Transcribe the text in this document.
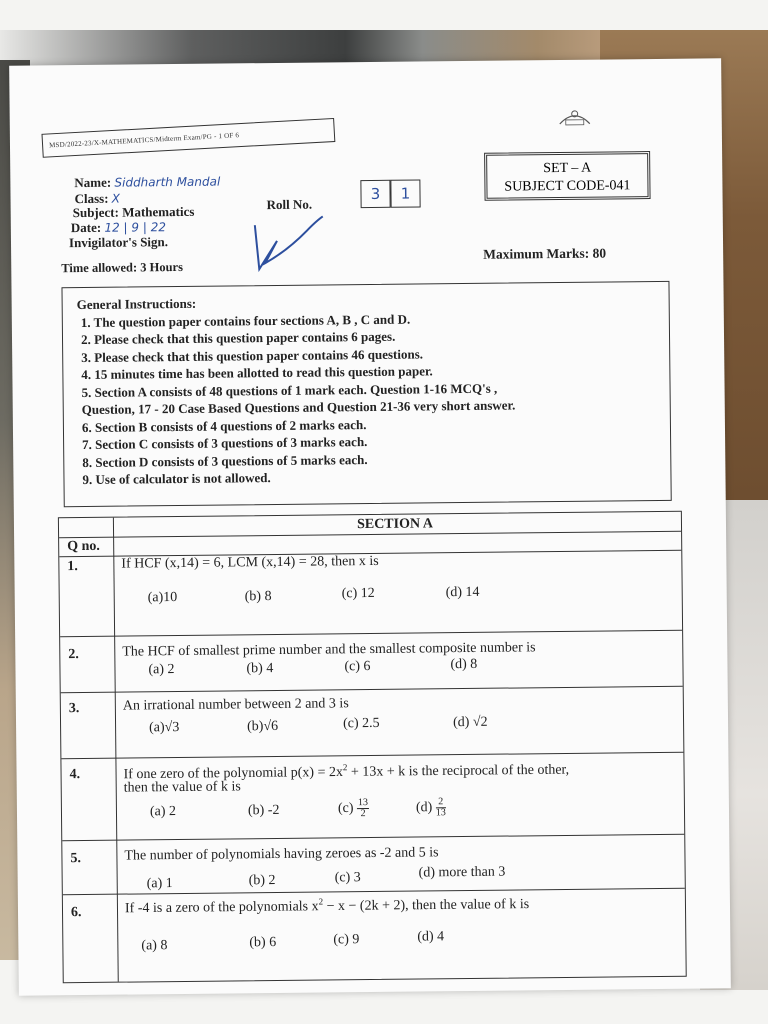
MSD/2022-23/X-MATHEMATICS/Midterm Exam/PG - 1 OF 6
SET – A
SUBJECT CODE-041
Name: Siddharth Mandal
Class: X
Subject: Mathematics
Date: 12 | 9 | 22
Invigilator's Sign.
Roll No.
3	1
Time allowed: 3 Hours
Maximum Marks: 80
General Instructions:
1. The question paper contains four sections A, B , C and D.
2. Please check that this question paper contains 6 pages.
3. Please check that this question paper contains 46 questions.
4. 15 minutes time has been allotted to read this question paper.
5. Section A consists of 48 questions of 1 mark each. Question 1-16 MCQ's ,
Question, 17 - 20 Case Based Questions and Question 21-36 very short answer.
6. Section B consists of 4 questions of 2 marks each.
7. Section C consists of 3 questions of 3 marks each.
8. Section D consists of 3 questions of 5 marks each.
9. Use of calculator is not allowed.
SECTION A
Q no.
1.	If HCF (x,14) = 6, LCM (x,14) = 28, then x is
(a)10	(b) 8	(c) 12	(d) 14
2.	The HCF of smallest prime number and the smallest composite number is
(a) 2	(b) 4	(c) 6	(d) 8
3.	An irrational number between 2 and 3 is
(a)√3	(b)√6	(c) 2.5	(d) √2
4.	If one zero of the polynomial $p(x) = 2x^2 + 13x + k$ is the reciprocal of the other,
then the value of k is
(a) 2	(b) -2	$(c) \frac{13}{2}$	$(d) \frac{2}{13}$
5.	The number of polynomials having zeroes as -2 and 5 is
(a) 1	(b) 2	(c) 3	(d) more than 3
6.	If -4 is a zero of the polynomials $x^2 - x - (2k + 2)$, then the value of k is
(a) 8	(b) 6	(c) 9	(d) 4
